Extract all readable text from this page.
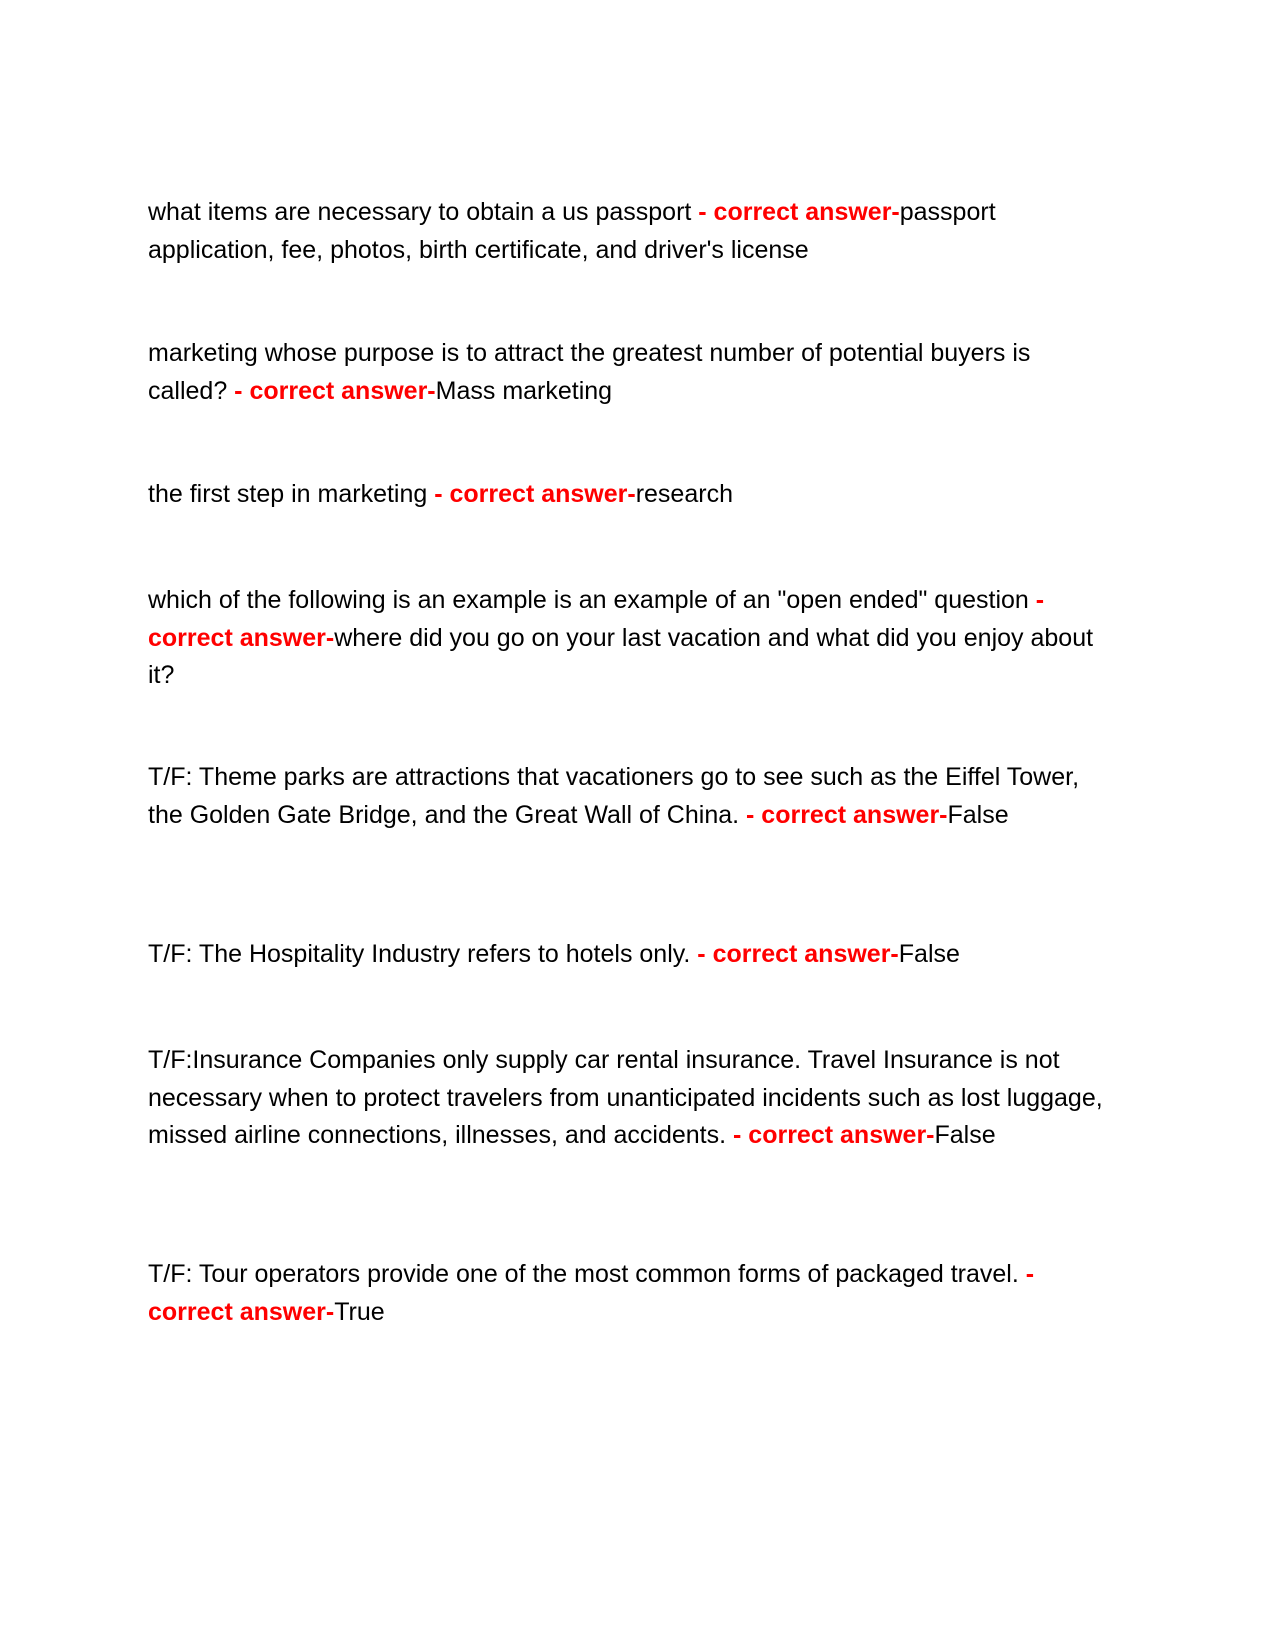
what items are necessary to obtain a us passport - correct answer-passport application, fee, photos, birth certificate, and driver's license

marketing whose purpose is to attract the greatest number of potential buyers is called? - correct answer-Mass marketing

the first step in marketing - correct answer-research

which of the following is an example is an example of an "open ended" question - correct answer-where did you go on your last vacation and what did you enjoy about it?

T/F: Theme parks are attractions that vacationers go to see such as the Eiffel Tower, the Golden Gate Bridge, and the Great Wall of China. - correct answer-False

T/F: The Hospitality Industry refers to hotels only. - correct answer-False

T/F:Insurance Companies only supply car rental insurance. Travel Insurance is not necessary when to protect travelers from unanticipated incidents such as lost luggage, missed airline connections, illnesses, and accidents. - correct answer-False

T/F: Tour operators provide one of the most common forms of packaged travel. - correct answer-True
